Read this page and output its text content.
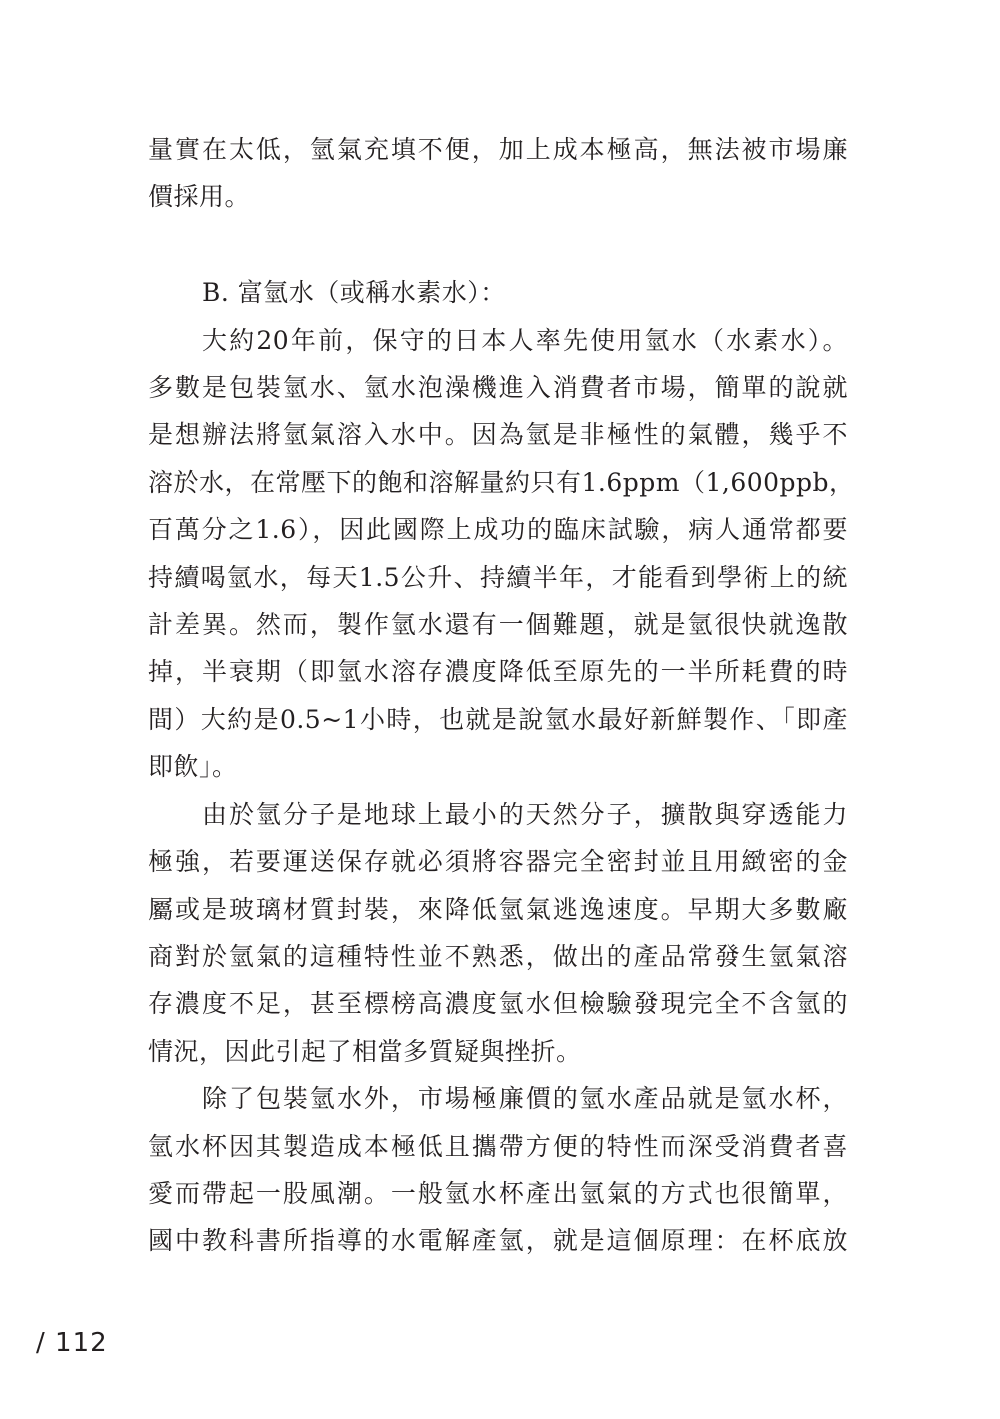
量實在太低，氫氣充填不便，加上成本極高，無法被市場廉
價採用。
B. 富氫水（或稱水素水）：
大約20年前，保守的日本人率先使用氫水（水素水）。
多數是包裝氫水、氫水泡澡機進入消費者市場，簡單的說就
是想辦法將氫氣溶入水中。因為氫是非極性的氣體，幾乎不
溶於水，在常壓下的飽和溶解量約只有1.6ppm（1,600ppb，
百萬分之1.6），因此國際上成功的臨床試驗，病人通常都要
持續喝氫水，每天1.5公升、持續半年，才能看到學術上的統
計差異。然而，製作氫水還有一個難題，就是氫很快就逸散
掉，半衰期（即氫水溶存濃度降低至原先的一半所耗費的時
間）大約是0.5~1小時，也就是說氫水最好新鮮製作、「即產
即飲」。
由於氫分子是地球上最小的天然分子，擴散與穿透能力
極強，若要運送保存就必須將容器完全密封並且用緻密的金
屬或是玻璃材質封裝，來降低氫氣逃逸速度。早期大多數廠
商對於氫氣的這種特性並不熟悉，做出的產品常發生氫氣溶
存濃度不足，甚至標榜高濃度氫水但檢驗發現完全不含氫的
情況，因此引起了相當多質疑與挫折。
除了包裝氫水外，市場極廉價的氫水產品就是氫水杯，
氫水杯因其製造成本極低且攜帶方便的特性而深受消費者喜
愛而帶起一股風潮。一般氫水杯產出氫氣的方式也很簡單，
國中教科書所指導的水電解產氫，就是這個原理：在杯底放
/ 112
